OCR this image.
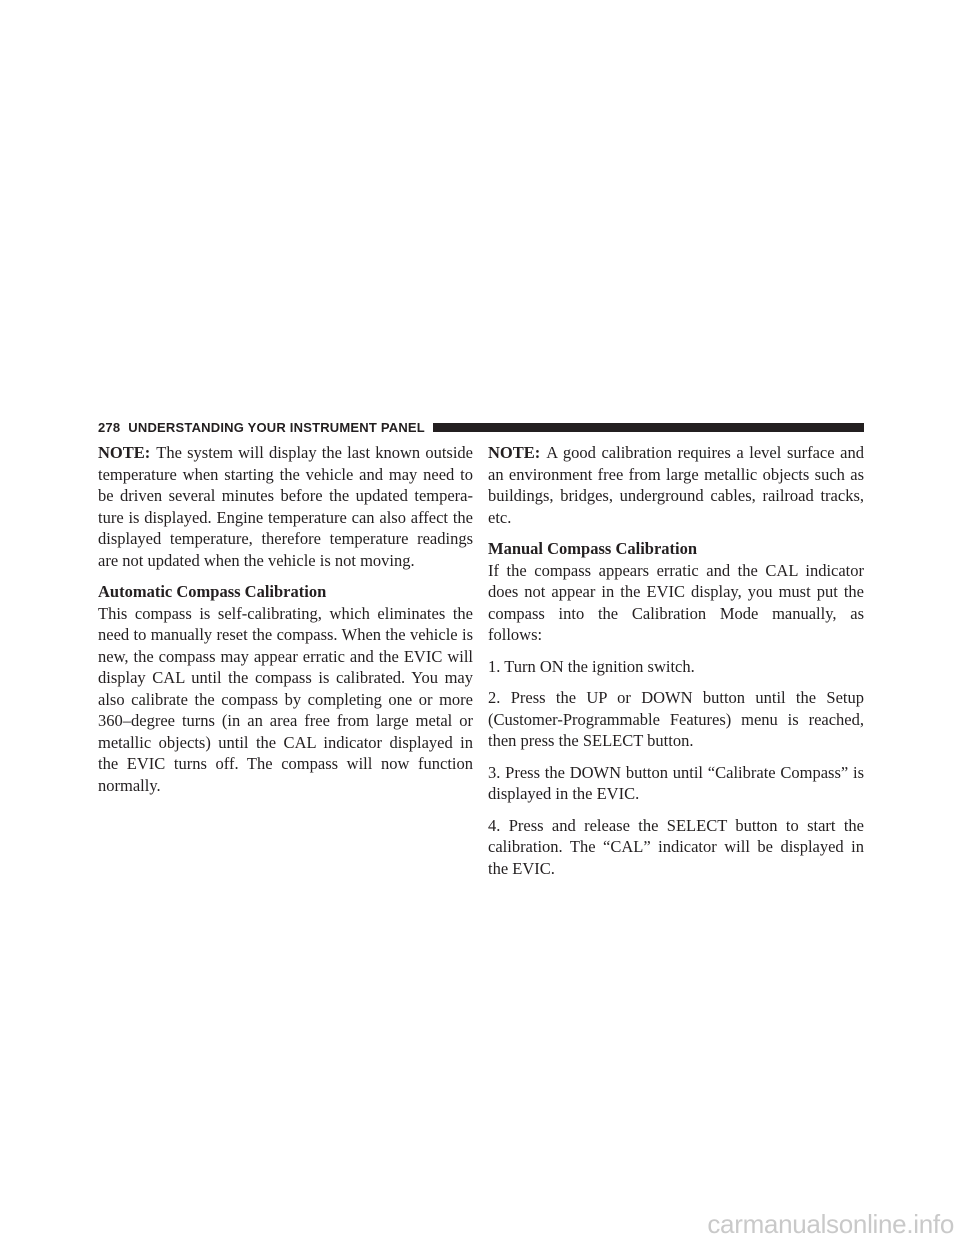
278 UNDERSTANDING YOUR INSTRUMENT PANEL

NOTE: The system will display the last known outside temperature when starting the vehicle and may need to be driven several minutes before the updated tempera-ture is displayed. Engine temperature can also affect the displayed temperature, therefore temperature readings are not updated when the vehicle is not moving.

Automatic Compass Calibration

This compass is self-calibrating, which eliminates the need to manually reset the compass. When the vehicle is new, the compass may appear erratic and the EVIC will display CAL until the compass is calibrated. You may also calibrate the compass by completing one or more 360–degree turns (in an area free from large metal or metallic objects) until the CAL indicator displayed in the EVIC turns off. The compass will now function normally.

NOTE: A good calibration requires a level surface and an environment free from large metallic objects such as buildings, bridges, underground cables, railroad tracks, etc.

Manual Compass Calibration

If the compass appears erratic and the CAL indicator does not appear in the EVIC display, you must put the compass into the Calibration Mode manually, as follows:

1. Turn ON the ignition switch.

2. Press the UP or DOWN button until the Setup (Customer-Programmable Features) menu is reached, then press the SELECT button.

3. Press the DOWN button until “Calibrate Compass” is displayed in the EVIC.

4. Press and release the SELECT button to start the calibration. The “CAL” indicator will be displayed in the EVIC.

carmanualsonline.info
